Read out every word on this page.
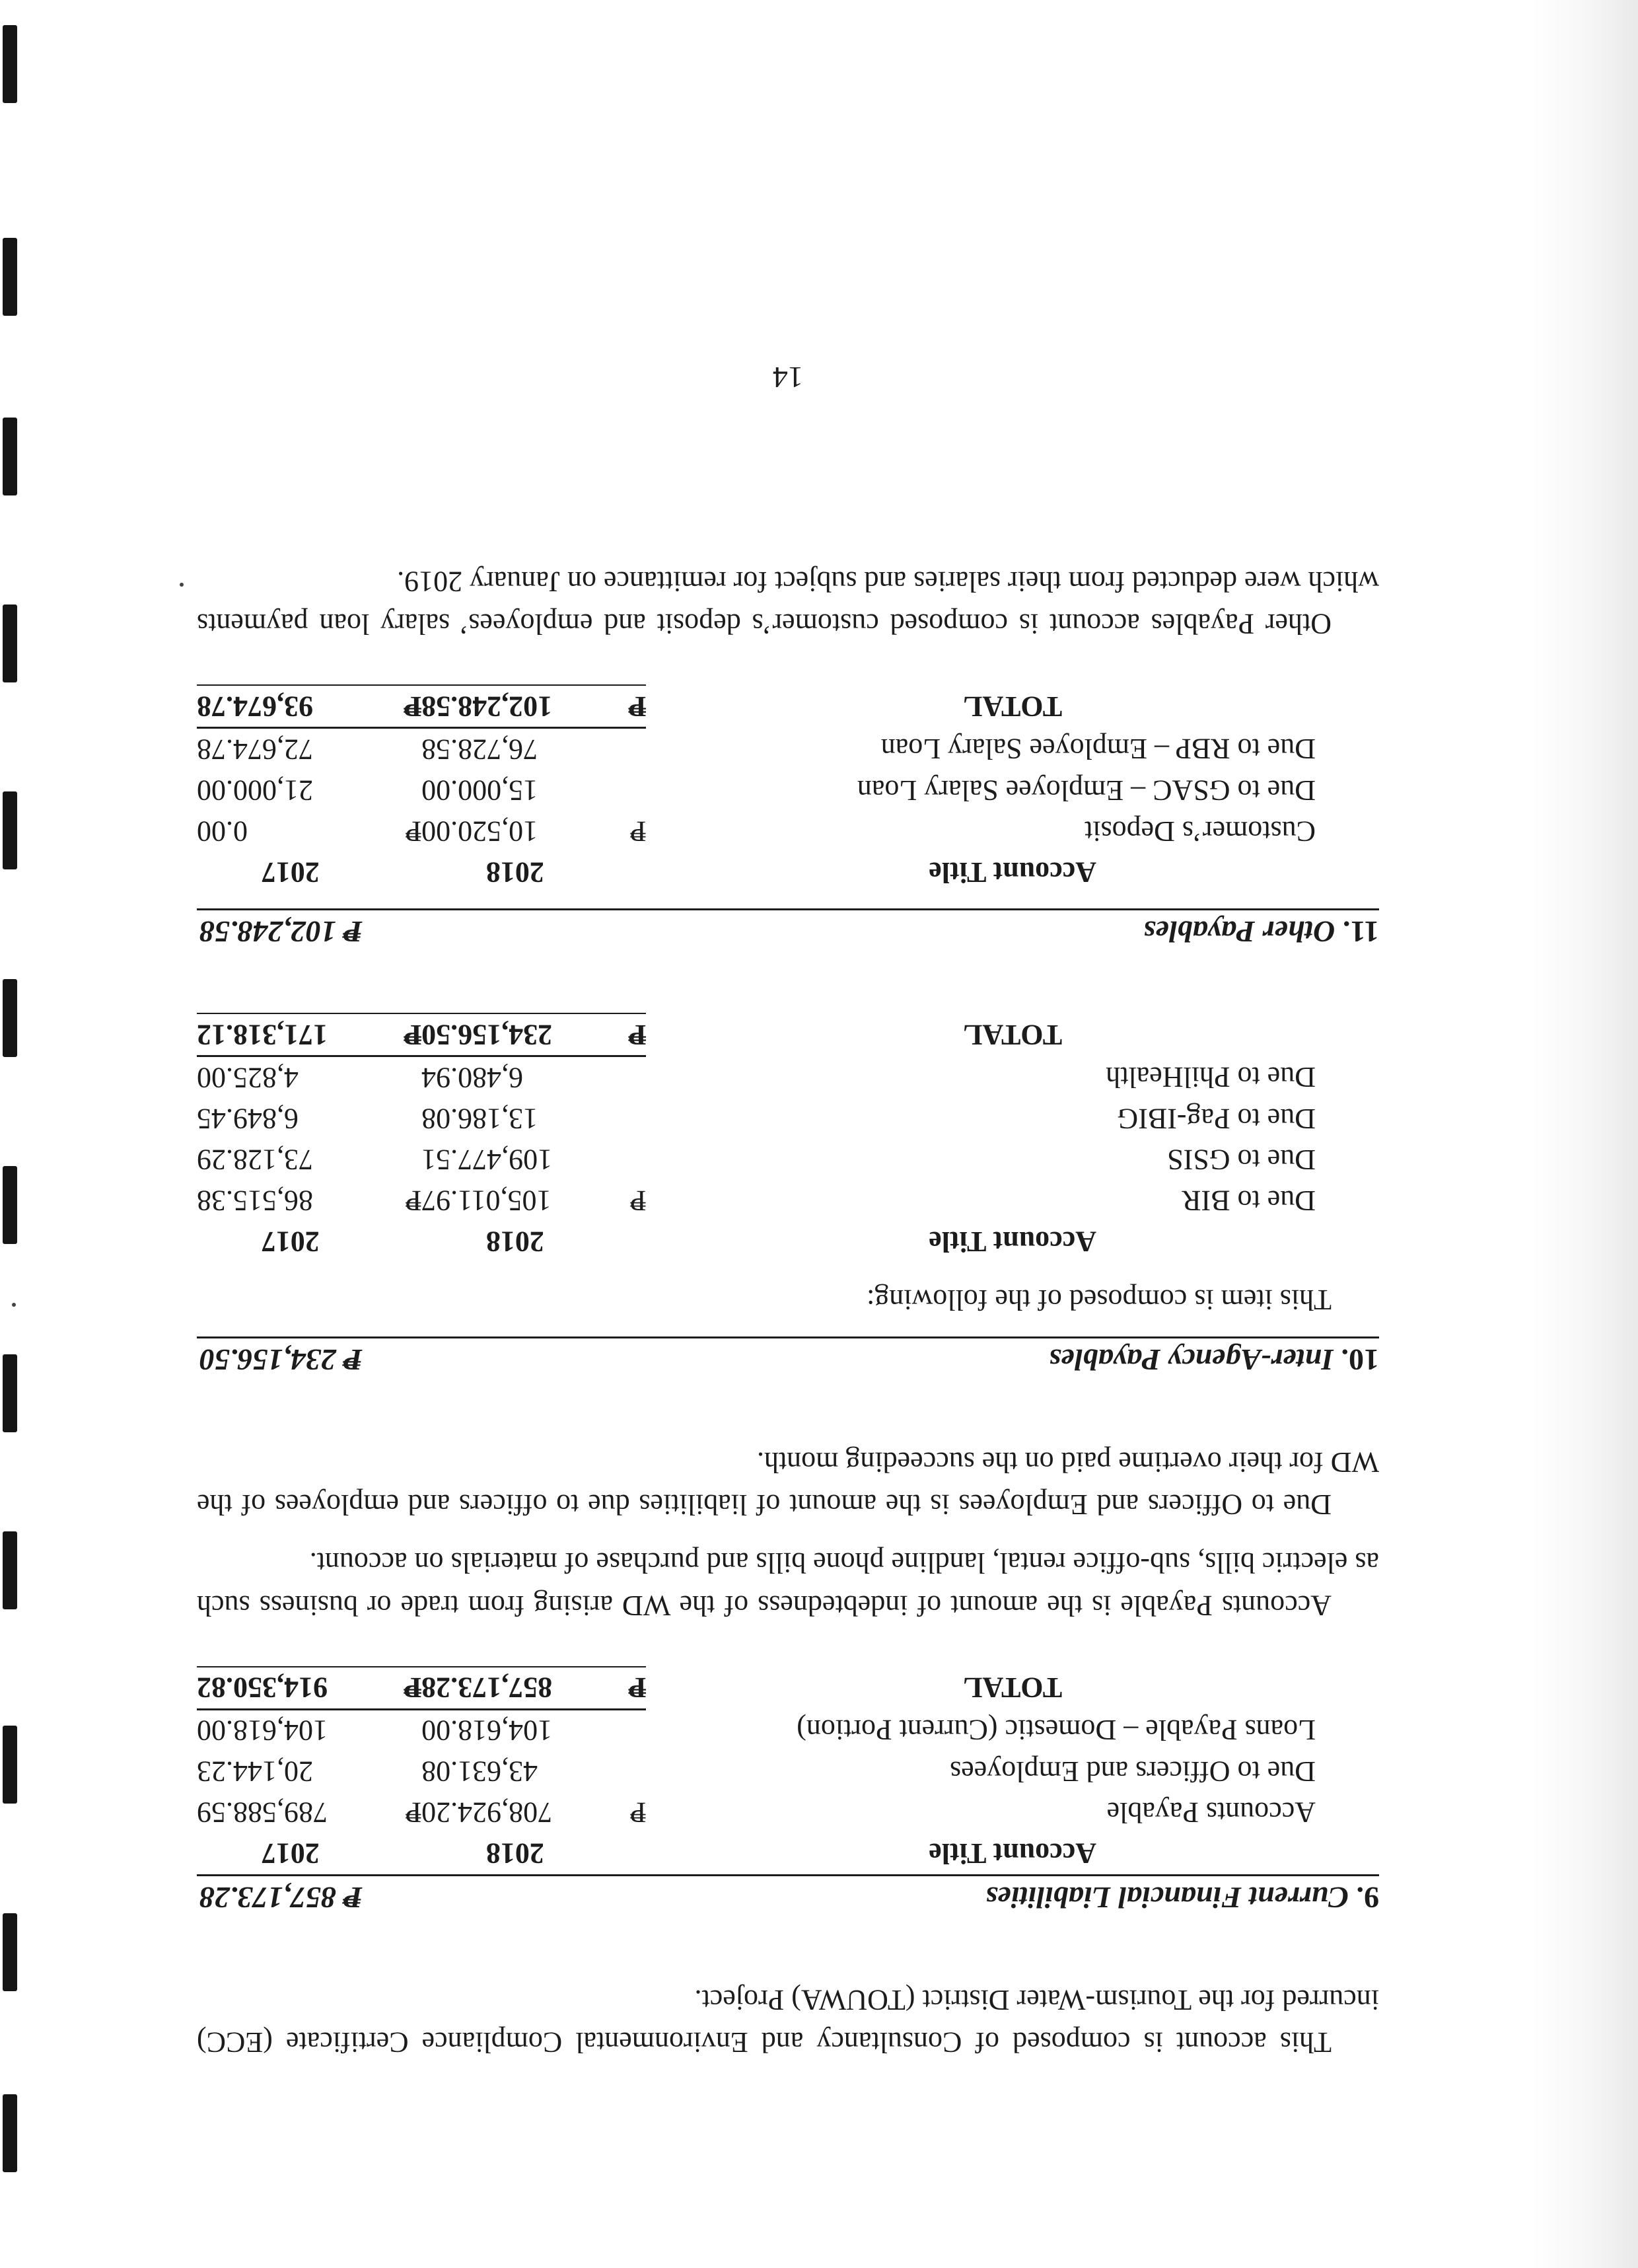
This account is composed of Consultancy and Environmental Compliance Certificate (ECC) incurred for the Tourism-Water District (TOUWA) Project.

9. Current Financial Liabilities
₱ 857,173.28
Account Title		2018		2017
Accounts Payable	₱	708,924.20	₱	789,588.59
Due to Officers and Employees		43,631.08		20,144.23
Loans Payable – Domestic (Current Portion)		104,618.00		104,618.00
TOTAL	₱	857,173.28	₱	914,350.82

Accounts Payable is the amount of indebtedness of the WD arising from trade or business such as electric bills, sub-office rental, landline phone bills and purchase of materials on account.

Due to Officers and Employees is the amount of liabilities due to officers and employees of the WD for their overtime paid on the succeeding month.

10. Inter-Agency Payables
₱ 234,156.50

This item is composed of the following:

Account Title		2018		2017
Due to BIR	₱	105,011.97	₱	86,515.38
Due to GSIS		109,477.51		73,128.29
Due to Pag-IBIG		13,186.08		6,849.45
Due to PhilHealth		6,480.94		4,825.00
TOTAL	₱	234,156.50	₱	171,318.12
11. Other Payables
₱ 102,248.58
Account Title		2018		2017
Customer’s Deposit	₱	10,520.00	₱	0.00
Due to GSAC – Employee Salary Loan		15,000.00		21,000.00
Due to RBP – Employee Salary Loan		76,728.58		72,674.78
TOTAL	₱	102,248.58	₱	93,674.78

Other Payables account is composed customer’s deposit and employees’ salary loan payments which were deducted from their salaries and subject for remittance on January 2019.

14
